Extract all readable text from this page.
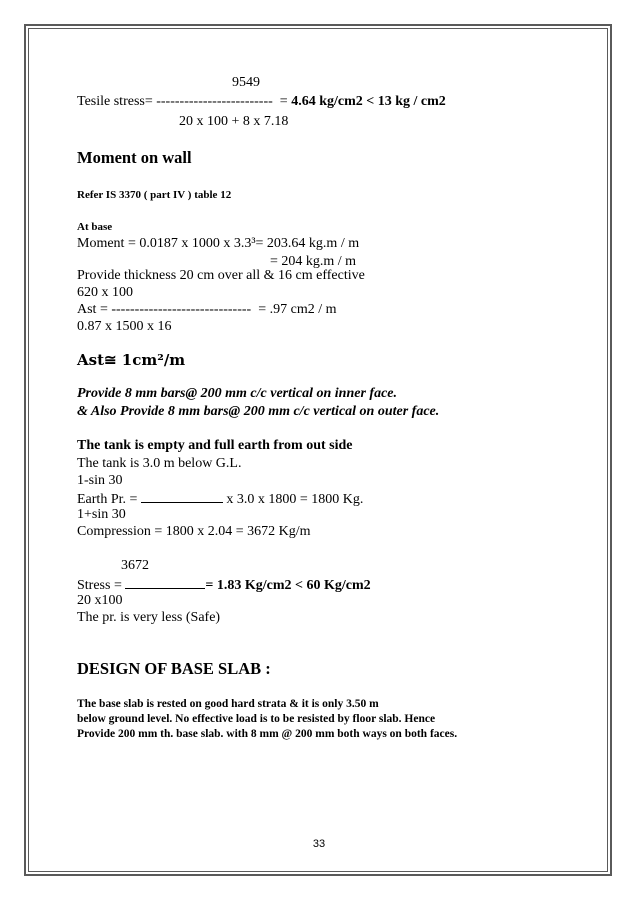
9549
Tesile stress= -------------------------  = 4.64 kg/cm2 < 13 kg / cm2
20 x 100 + 8 x 7.18
Moment on wall
Refer IS 3370 ( part IV ) table 12
At base
Moment = 0.0187 x 1000 x 3.3³= 203.64 kg.m / m
= 204 kg.m / m
Provide thickness 20 cm over all & 16 cm effective
620 x 100
Ast = ------------------------------  = .97 cm2 / m
0.87 x 1500 x 16
Ast≅ 1cm²/m
Provide 8 mm bars@ 200 mm c/c vertical on inner face.
& Also Provide 8 mm bars@ 200 mm c/c vertical on outer face.
The tank is empty and full earth from out side
The tank is 3.0 m below G.L.
1-sin 30
Earth Pr. =	x 3.0 x 1800 = 1800 Kg.
1+sin 30
Compression = 1800 x 2.04 = 3672 Kg/m
3672
Stress =	= 1.83 Kg/cm2 < 60 Kg/cm2
20 x100
The pr. is very less (Safe)
DESIGN OF BASE SLAB :
The base slab is rested on good hard strata & it is only 3.50 m
below ground level. No effective load is to be resisted by floor slab. Hence
Provide 200 mm th. base slab. with 8 mm @ 200 mm both ways on both faces.
33
